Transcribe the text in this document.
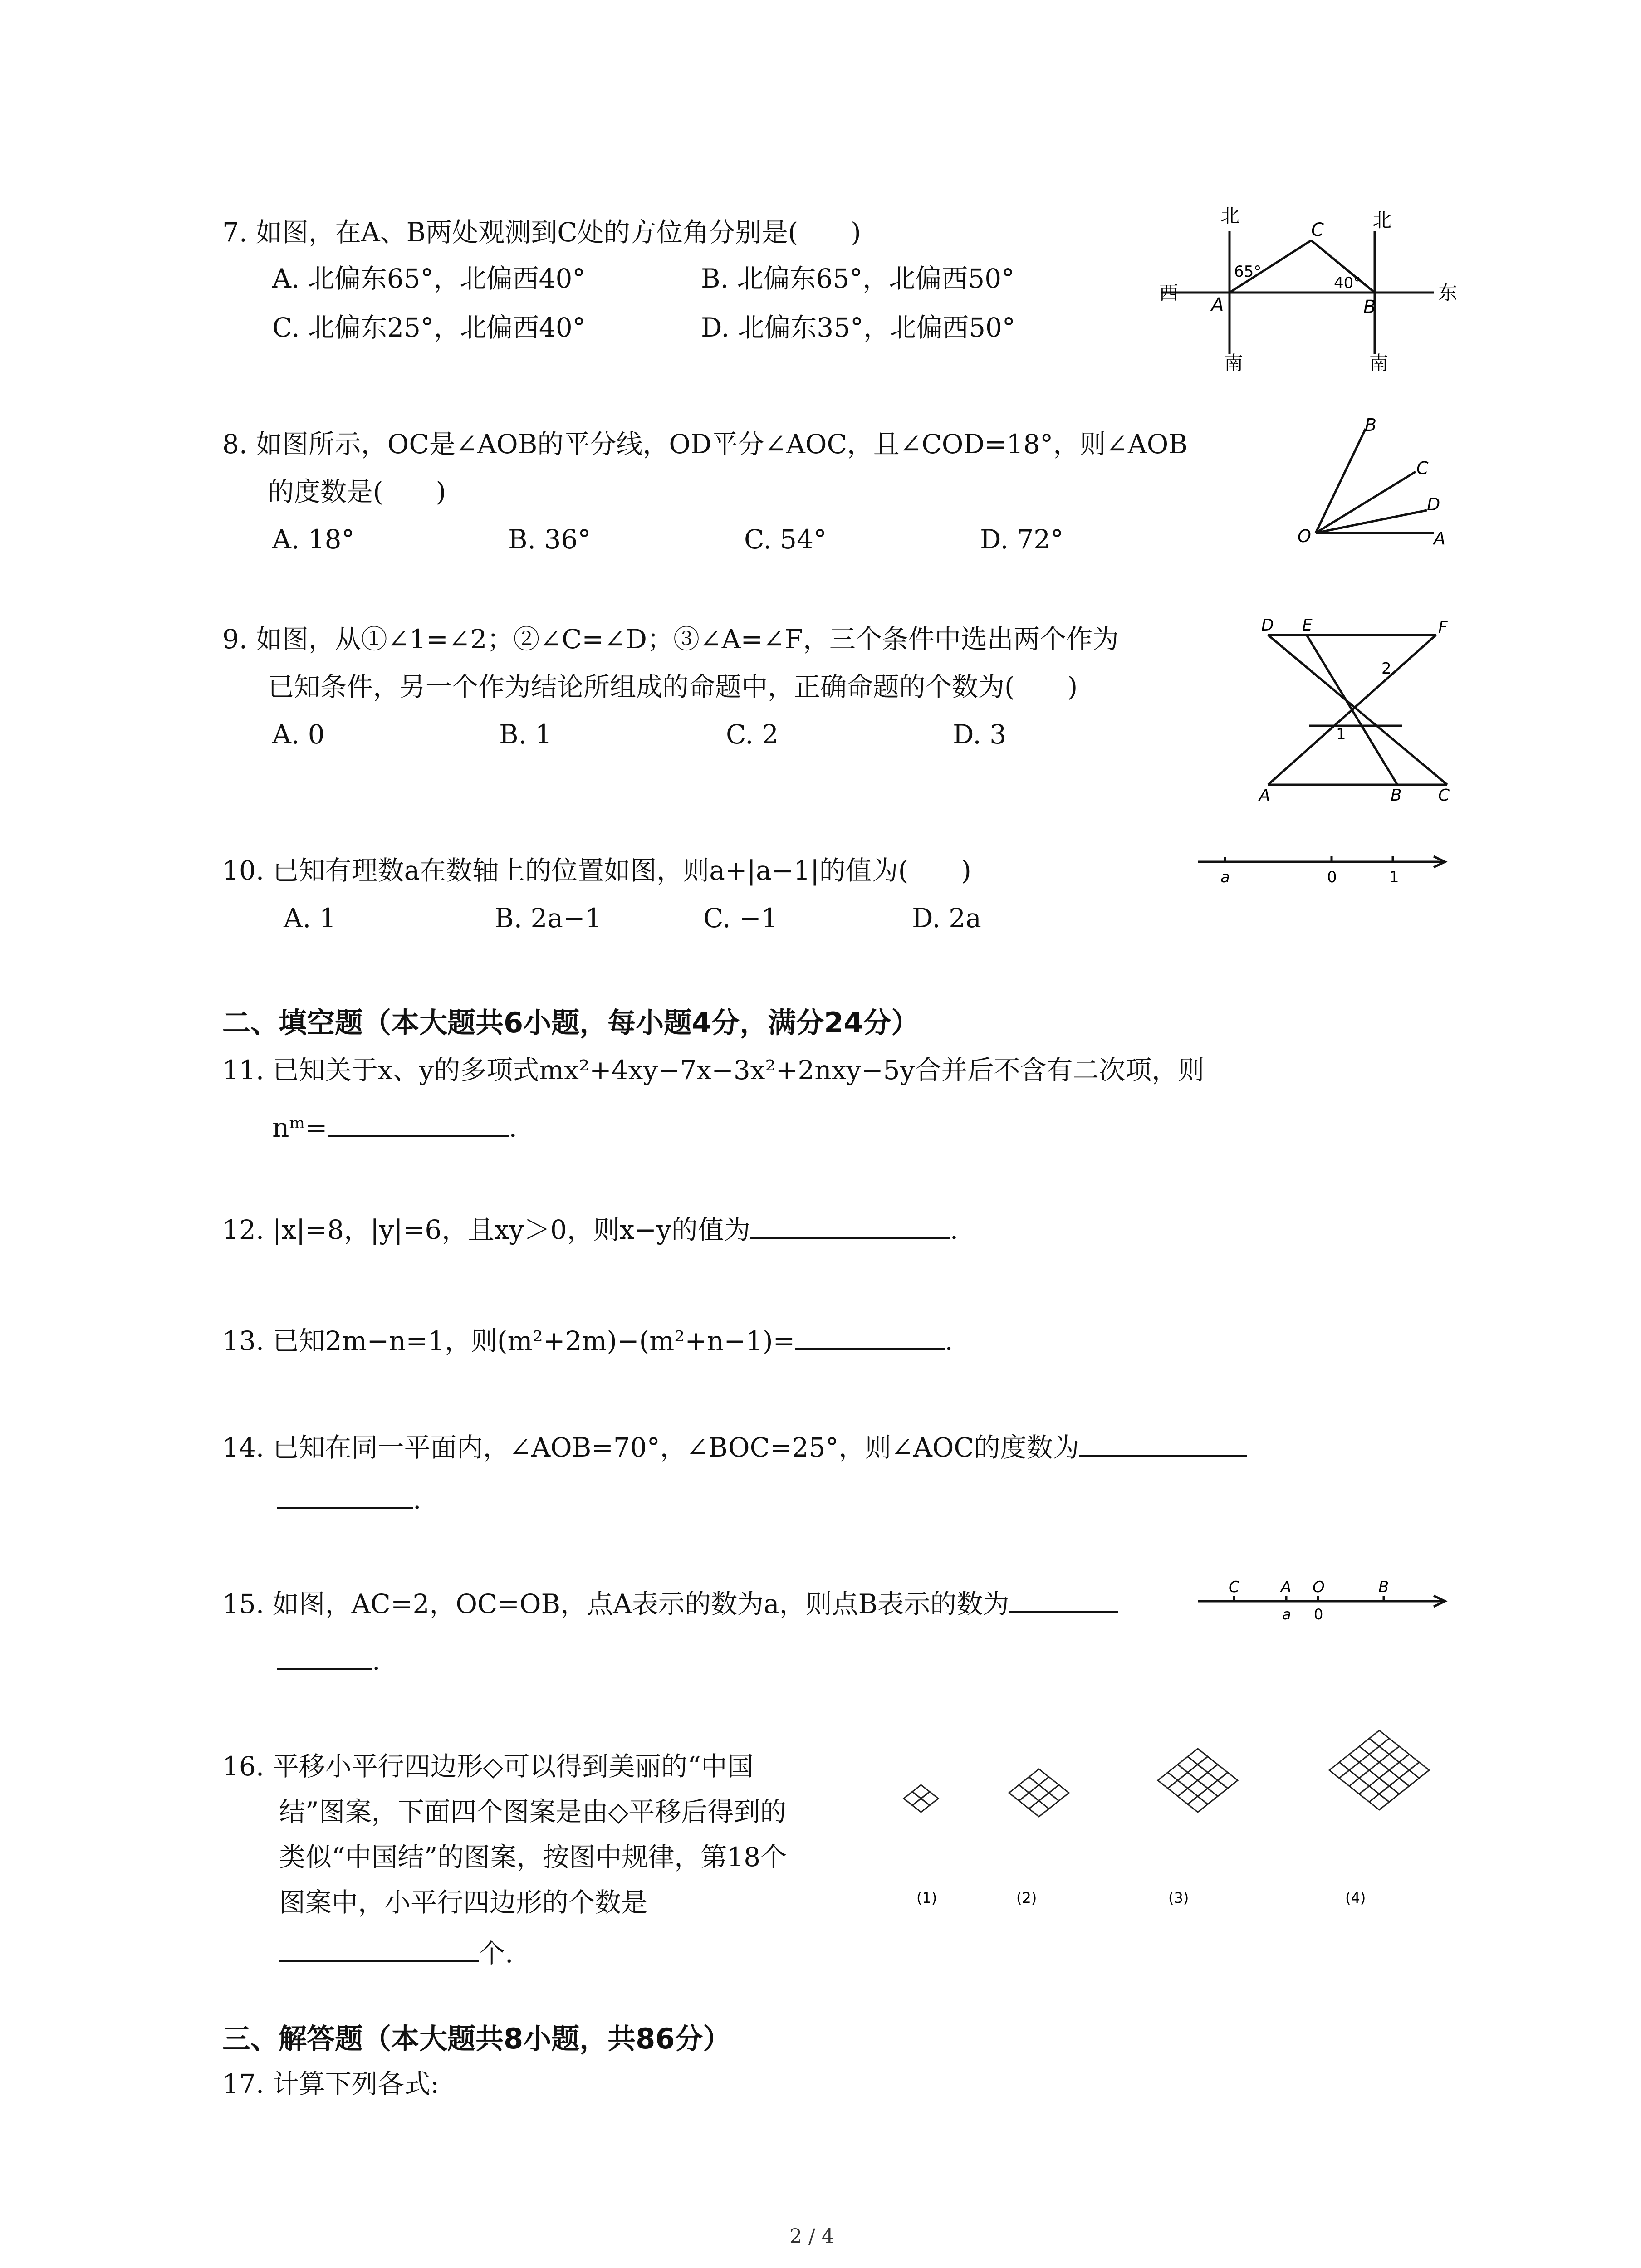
7. 如图，在A、B两处观测到C处的方位角分别是(　　)
A. 北偏东65°，北偏西40°	B. 北偏东65°，北偏西50°
C. 北偏东25°，北偏西40°	D. 北偏东35°，北偏西50°
北	北
西	东
南	南
A	B
C
65°
40°
8. 如图所示，OC是∠AOB的平分线，OD平分∠AOC，且∠COD=18°，则∠AOB
的度数是(　　)
A. 18°	B. 36°	C. 54°	D. 72°
B
C
D
O	A
9. 如图，从①∠1=∠2；②∠C=∠D；③∠A=∠F，三个条件中选出两个作为
已知条件，另一个作为结论所组成的命题中，正确命题的个数为(　　)
A. 0	B. 1	C. 2	D. 3
D E	F
A	B C
1
2
10. 已知有理数a在数轴上的位置如图，则a+|a−1|的值为(　　)
A. 1	B. 2a−1	C. −1	D. 2a
a	0	1
二、填空题（本大题共6小题，每小题4分，满分24分）
11. 已知关于x、y的多项式mx²+4xy−7x−3x²+2nxy−5y合并后不含有二次项，则
nᵐ=	.
12. |x|=8，|y|=6，且xy＞0，则x−y的值为	.
13. 已知2m−n=1，则(m²+2m)−(m²+n−1)=	.
14. 已知在同一平面内，∠AOB=70°，∠BOC=25°，则∠AOC的度数为
.
15. 如图，AC=2，OC=OB，点A表示的数为a，则点B表示的数为
.
C	A O	B
a 0
16. 平移小平行四边形◇可以得到美丽的“中国
结”图案，下面四个图案是由◇平移后得到的
类似“中国结”的图案，按图中规律，第18个
图案中，小平行四边形的个数是
个.
(1)	(2)	(3)	(4)
三、解答题（本大题共8小题，共86分）
17. 计算下列各式:
2 / 4
